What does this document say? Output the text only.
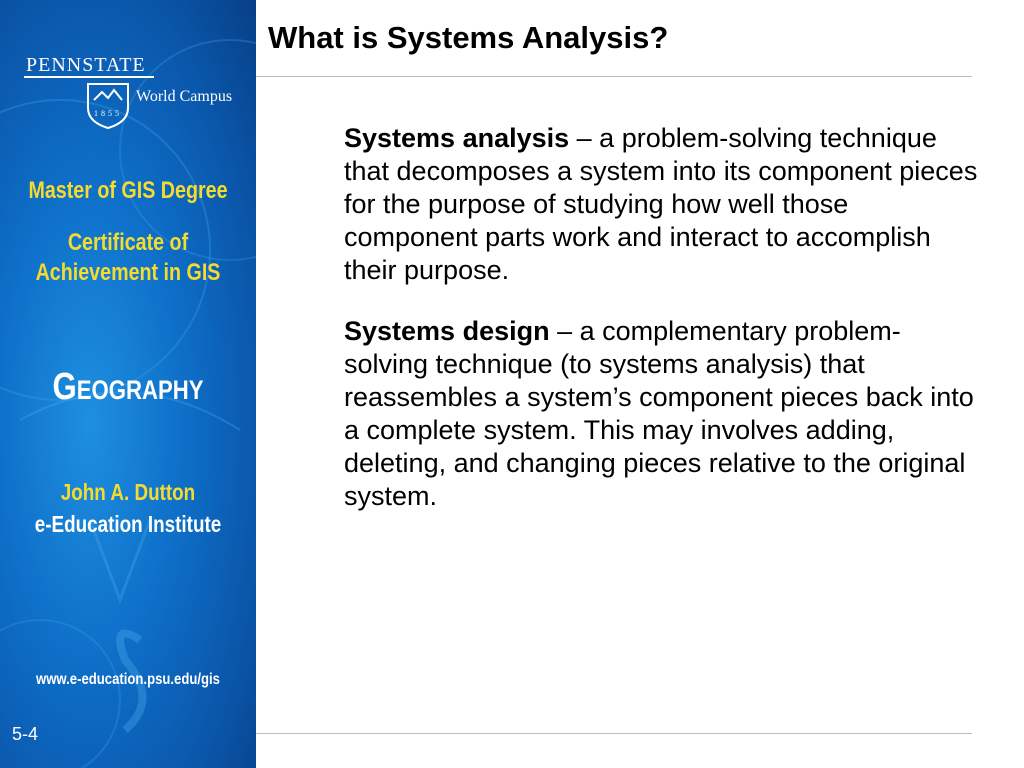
PENNSTATE
1855
World Campus
Master of GIS Degree
Certificate of
Achievement in GIS
Geography
John A. Dutton
e-Education Institute
www.e-education.psu.edu/gis
5-4
What is Systems Analysis?

Systems analysis – a problem-solving technique that decomposes a system into its component pieces for the purpose of studying how well those component parts work and interact to accomplish their purpose.

Systems design – a complementary problem-solving technique (to systems analysis) that reassembles a system’s component pieces back into a complete system. This may involves adding, deleting, and changing pieces relative to the original system.
